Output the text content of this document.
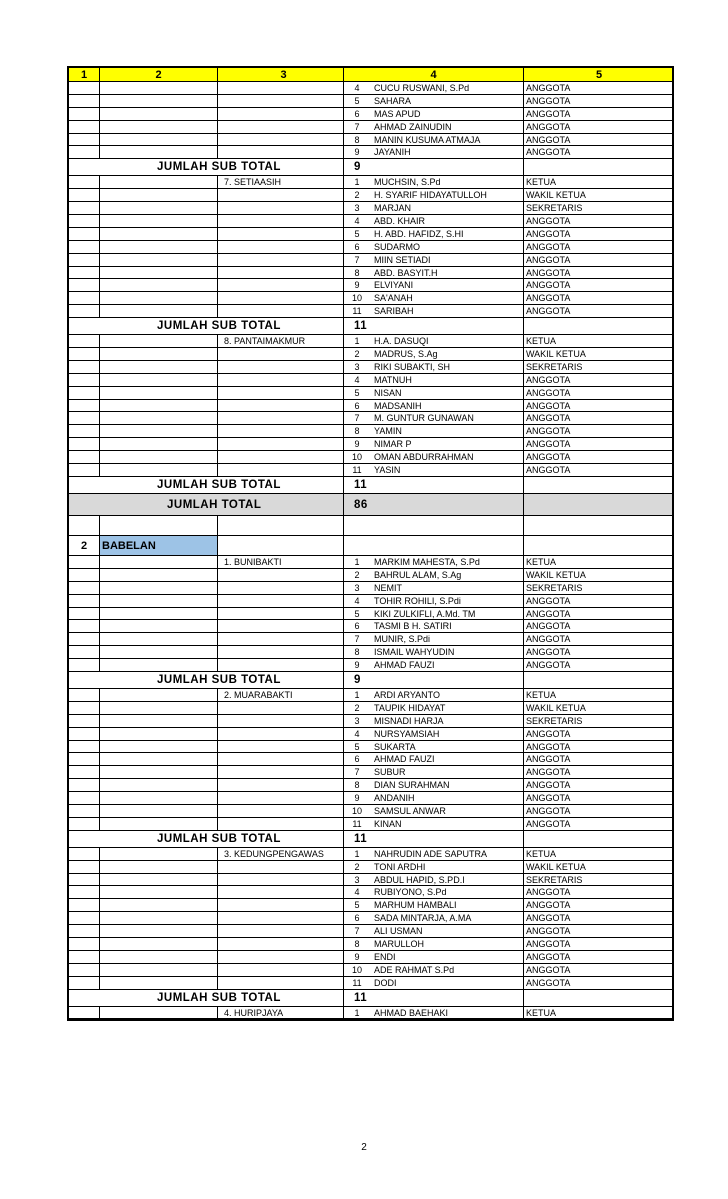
1	2	3	4	5
4	CUCU RUSWANI, S.Pd	ANGGOTA
5	SAHARA	ANGGOTA
6	MAS APUD	ANGGOTA
7	AHMAD ZAINUDIN	ANGGOTA
8	MANIN KUSUMA ATMAJA	ANGGOTA
9	JAYANIH	ANGGOTA
JUMLAH SUB TOTAL	9
7. SETIAASIH	1	MUCHSIN, S.Pd	KETUA
2	H. SYARIF HIDAYATULLOH	WAKIL KETUA
3	MARJAN	SEKRETARIS
4	ABD. KHAIR	ANGGOTA
5	H. ABD. HAFIDZ, S.HI	ANGGOTA
6	SUDARMO	ANGGOTA
7	MIIN SETIADI	ANGGOTA
8	ABD. BASYIT.H	ANGGOTA
9	ELVIYANI	ANGGOTA
10	SA'ANAH	ANGGOTA
11	SARIBAH	ANGGOTA
JUMLAH SUB TOTAL	11
8. PANTAIMAKMUR	1	H.A. DASUQI	KETUA
2	MADRUS, S.Ag	WAKIL KETUA
3	RIKI SUBAKTI, SH	SEKRETARIS
4	MATNUH	ANGGOTA
5	NISAN	ANGGOTA
6	MADSANIH	ANGGOTA
7	M. GUNTUR GUNAWAN	ANGGOTA
8	YAMIN	ANGGOTA
9	NIMAR P	ANGGOTA
10	OMAN ABDURRAHMAN	ANGGOTA
11	YASIN	ANGGOTA
JUMLAH SUB TOTAL	11
JUMLAH TOTAL	86
2	BABELAN
1. BUNIBAKTI	1	MARKIM MAHESTA, S.Pd	KETUA
2	BAHRUL ALAM, S.Ag	WAKIL KETUA
3	NEMIT	SEKRETARIS
4	TOHIR ROHILI, S.Pdi	ANGGOTA
5	KIKI ZULKIFLI, A.Md. TM	ANGGOTA
6	TASMI B H. SATIRI	ANGGOTA
7	MUNIR, S.Pdi	ANGGOTA
8	ISMAIL WAHYUDIN	ANGGOTA
9	AHMAD FAUZI	ANGGOTA
JUMLAH SUB TOTAL	9
2. MUARABAKTI	1	ARDI ARYANTO	KETUA
2	TAUPIK HIDAYAT	WAKIL KETUA
3	MISNADI HARJA	SEKRETARIS
4	NURSYAMSIAH	ANGGOTA
5	SUKARTA	ANGGOTA
6	AHMAD FAUZI	ANGGOTA
7	SUBUR	ANGGOTA
8	DIAN SURAHMAN	ANGGOTA
9	ANDANIH	ANGGOTA
10	SAMSUL ANWAR	ANGGOTA
11	KINAN	ANGGOTA
JUMLAH SUB TOTAL	11
3. KEDUNGPENGAWAS	1	NAHRUDIN ADE SAPUTRA	KETUA
2	TONI ARDHI	WAKIL KETUA
3	ABDUL HAPID, S.PD.I	SEKRETARIS
4	RUBIYONO, S.Pd	ANGGOTA
5	MARHUM HAMBALI	ANGGOTA
6	SADA MINTARJA, A.MA	ANGGOTA
7	ALI USMAN	ANGGOTA
8	MARULLOH	ANGGOTA
9	ENDI	ANGGOTA
10	ADE RAHMAT S.Pd	ANGGOTA
11	DODI	ANGGOTA
JUMLAH SUB TOTAL	11
4. HURIPJAYA	1	AHMAD BAEHAKI	KETUA
2
